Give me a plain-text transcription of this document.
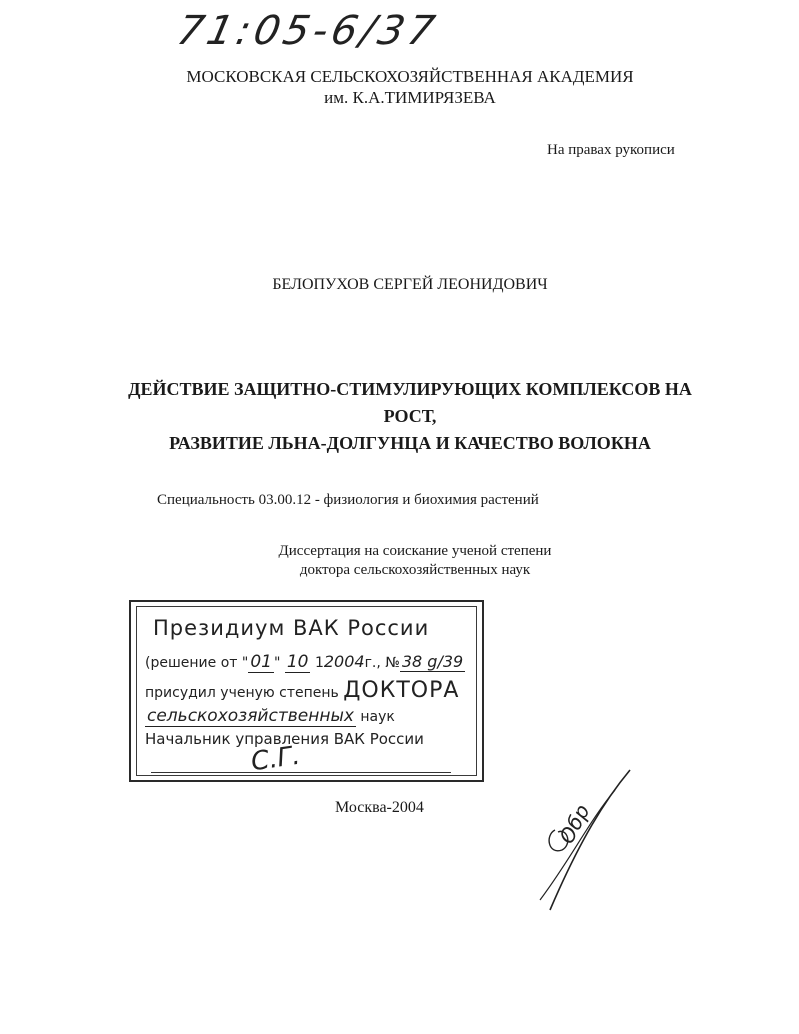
71:05-6/37
МОСКОВСКАЯ СЕЛЬСКОХОЗЯЙСТВЕННАЯ АКАДЕМИЯ
им. К.А.ТИМИРЯЗЕВА
На правах рукописи
БЕЛОПУХОВ СЕРГЕЙ ЛЕОНИДОВИЧ
ДЕЙСТВИЕ ЗАЩИТНО-СТИМУЛИРУЮЩИХ КОМПЛЕКСОВ НА РОСТ,
РАЗВИТИЕ ЛЬНА-ДОЛГУНЦА И КАЧЕСТВО ВОЛОКНА
Специальность 03.00.12 - физиология и биохимия растений
Диссертация на соискание ученой степени
доктора сельскохозяйственных наук
Президиум ВАК России
(решение от " 01 " 10 12004г., № 38 g/39
присудил ученую степень ДОКТОРА
сельскохозяйственных наук
Начальник управления ВАК России
С.Г.
Москва-2004	Обр
